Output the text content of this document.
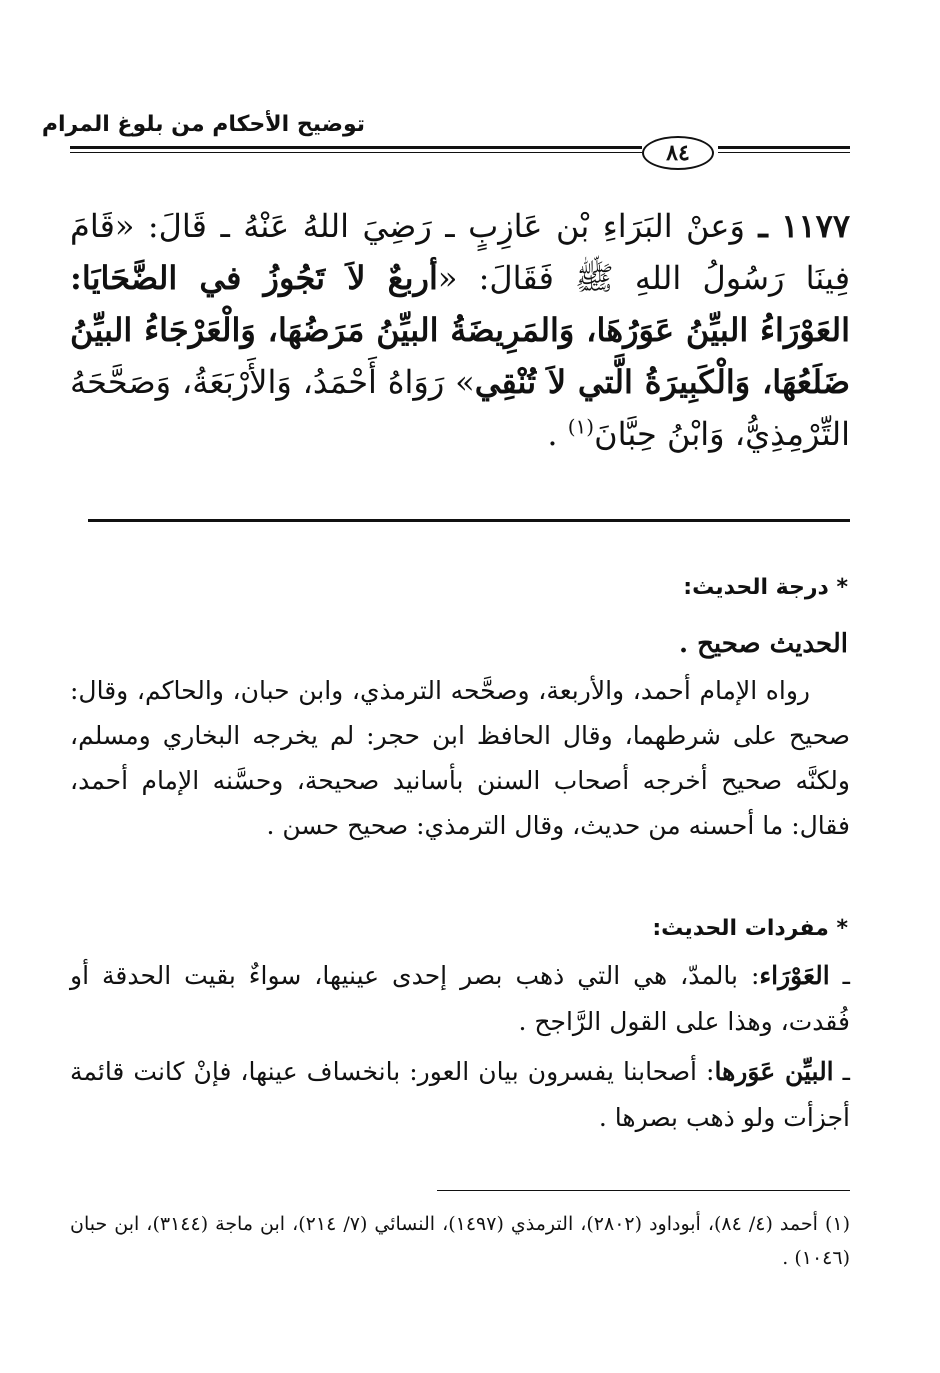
توضيح الأحكام من بلوغ المرام
٨٤
١١٧٧ ـ وَعنْ البَرَاءِ بْن عَازِبٍ ـ رَضِيَ اللهُ عَنْهُ ـ قَالَ: «قَامَ فِينَا رَسُولُ اللهِ ﷺ فَقَالَ: «أربعٌ لاَ تَجُوزُ في الضَّحَايَا: العَوْرَاءُ البيِّنُ عَوَرُهَا، وَالمَرِيضَةُ البيِّنُ مَرَضُهَا، وَالْعَرْجَاءُ البيِّنُ ضَلَعُهَا، وَالْكَبِيرَةُ الَّتي لاَ تُنْقِي» رَوَاهُ أَحْمَدُ، وَالأَرْبَعَةُ، وَصَحَّحَهُ التِّرْمِذِيُّ، وَابْنُ حِبَّانَ$^{(١)}$ .
* درجة الحديث:
الحديث صحيح .
رواه الإمام أحمد، والأربعة، وصحَّحه الترمذي، وابن حبان، والحاكم، وقال: صحيح على شرطهما، وقال الحافظ ابن حجر: لم يخرجه البخاري ومسلم، ولكنَّه صحيح أخرجه أصحاب السنن بأسانيد صحيحة، وحسَّنه الإمام أحمد، فقال: ما أحسنه من حديث، وقال الترمذي: صحيح حسن .
* مفردات الحديث:
ـ العَوْرَاء: بالمدّ، هي التي ذهب بصر إحدى عينيها، سواءٌ بقيت الحدقة أو فُقدت، وهذا على القول الرَّاجح .
ـ البيِّن عَوَرها: أصحابنا يفسرون بيان العور: بانخساف عينها، فإنْ كانت قائمة أجزأت ولو ذهب بصرها .
(١) أحمد (٤/ ٨٤)، أبوداود (٢٨٠٢)، الترمذي (١٤٩٧)، النسائي (٧/ ٢١٤)، ابن ماجة (٣١٤٤)، ابن حبان (١٠٤٦) .
